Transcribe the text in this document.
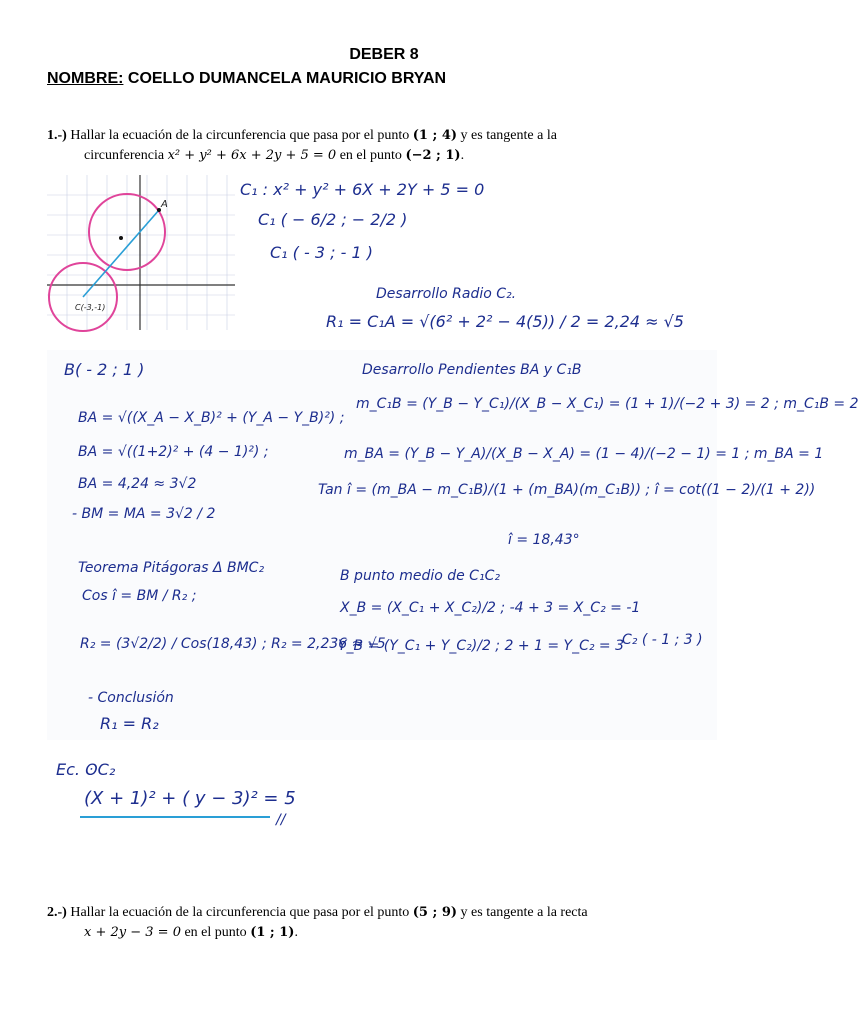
DEBER 8
NOMBRE: COELLO DUMANCELA MAURICIO BRYAN
1.-) Hallar la ecuación de la circunferencia que pasa por el punto (1 ; 4) y es tangente a la
circunferencia x² + y² + 6x + 2y + 5 = 0 en el punto (−2 ; 1).
A
C(-3,-1)
C₁ : x² + y² + 6X + 2Y + 5 = 0
C₁ ( − 6/2 ; − 2/2 )
C₁ ( - 3 ; - 1 )
Desarrollo Radio C₂.
R₁ = C₁A = √(6² + 2² − 4(5)) / 2 = 2,24 ≈ √5
B( - 2 ; 1 )	Desarrollo Pendientes BA y C₁B
m_C₁B = (Y_B − Y_C₁)/(X_B − X_C₁) = (1 + 1)/(−2 + 3) = 2 ; m_C₁B = 2
BA = √((X_A − X_B)² + (Y_A − Y_B)²) ;
BA = √((1+2)² + (4 − 1)²) ;	m_BA = (Y_B − Y_A)/(X_B − X_A) = (1 − 4)/(−2 − 1) = 1 ; m_BA = 1
BA = 4,24 ≈ 3√2	Tan î = (m_BA − m_C₁B)/(1 + (m_BA)(m_C₁B)) ; î = cot((1 − 2)/(1 + 2))
- BM = MA = 3√2 / 2
î = 18,43°
Teorema Pitágoras Δ BMC₂	B punto medio de C₁C₂
Cos î = BM / R₂ ;
X_B = (X_C₁ + X_C₂)/2 ; -4 + 3 = X_C₂ = -1
R₂ = (3√2/2) / Cos(18,43) ; R₂ = 2,236 ≈ √5
Y_B = (Y_C₁ + Y_C₂)/2 ; 2 + 1 = Y_C₂ = 3
C₂ ( - 1 ; 3 )
- Conclusión
R₁ = R₂
Ec. ʘC₂
(X + 1)² + ( y − 3)² = 5
//
2.-) Hallar la ecuación de la circunferencia que pasa por el punto (5 ; 9) y es tangente a la recta
x + 2y − 3 = 0 en el punto (1 ; 1).
